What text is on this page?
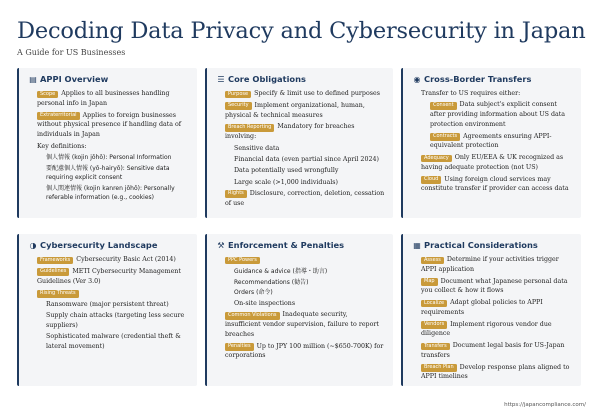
Decoding Data Privacy and Cybersecurity in Japan
A Guide for US Businesses
▤ APPI Overview
Scope Applies to all businesses handling personal info in Japan
Extraterritorial Applies to foreign businesses without physical presence if handling data of individuals in Japan
Key definitions:
個人情報 (kojin jōhō): Personal Information
要配慮個人情報 (yō-hairyō): Sensitive data requiring explicit consent
個人関連情報 (kojin kanren jōhō): Personally referable information (e.g., cookies)
☰ Core Obligations
Purpose Specify & limit use to defined purposes
Security Implement organizational, human, physical & technical measures
Breach Reporting Mandatory for breaches involving:
Sensitive data
Financial data (even partial since April 2024)
Data potentially used wrongfully
Large scale (>1,000 individuals)
Rights Disclosure, correction, deletion, cessation of use
◉ Cross-Border Transfers
Transfer to US requires either:
Consent Data subject's explicit consent after providing information about US data protection environment
Contracts Agreements ensuring APPI-equivalent protection
Adequacy Only EU/EEA & UK recognized as having adequate protection (not US)
Cloud Using foreign cloud services may constitute transfer if provider can access data
◑ Cybersecurity Landscape
Frameworks Cybersecurity Basic Act (2014)
Guidelines METI Cybersecurity Management Guidelines (Ver 3.0)
Rising Threats
Ransomware (major persistent threat)
Supply chain attacks (targeting less secure suppliers)
Sophisticated malware (credential theft & lateral movement)
⚒ Enforcement & Penalties
PPC Powers
Guidance & advice (指導・助言)
Recommendations (勧告)
Orders (命令)
On-site inspections
Common Violations Inadequate security, insufficient vendor supervision, failure to report breaches
Penalties Up to JPY 100 million (~$650-700K) for corporations
▦ Practical Considerations
Assess Determine if your activities trigger APPI application
Map Document what Japanese personal data you collect & how it flows
Localize Adapt global policies to APPI requirements
Vendors Implement rigorous vendor due diligence
Transfers Document legal basis for US-Japan transfers
Breach Plan Develop response plans aligned to APPI timelines
https://japancompliance.com/
